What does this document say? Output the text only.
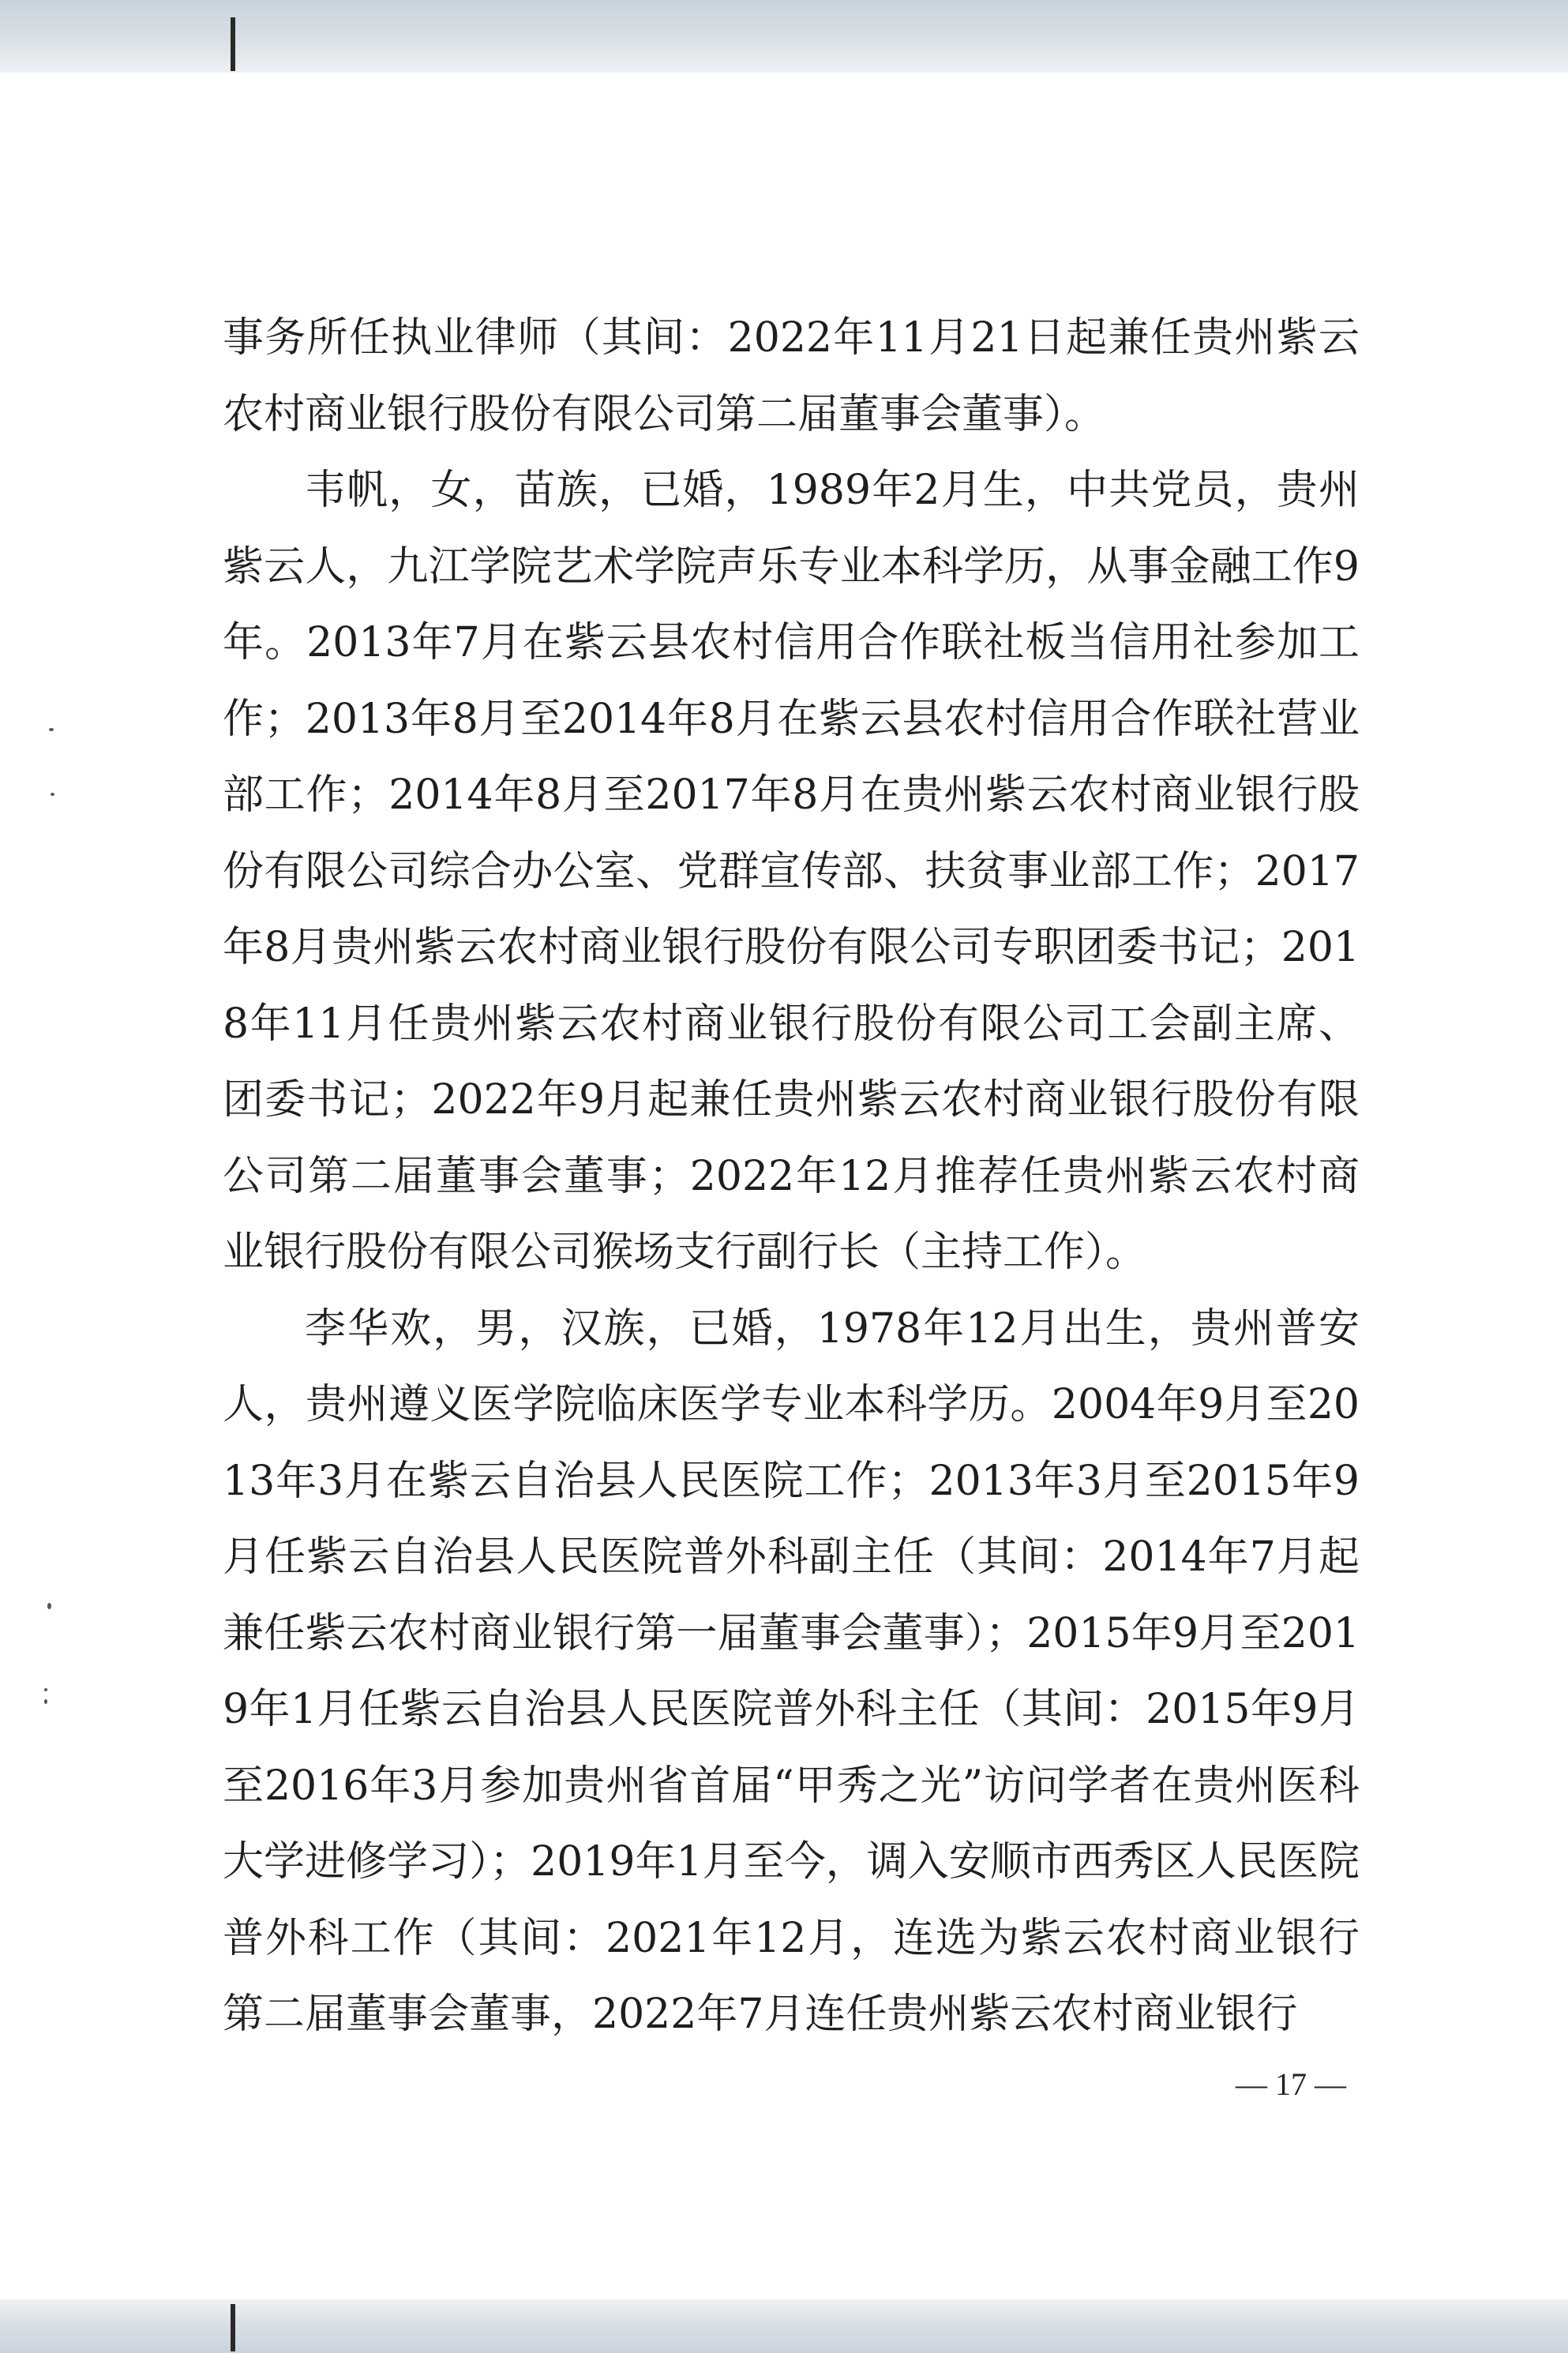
事务所任执业律师（其间：2022年11月21日起兼任贵州紫云农村商业银行股份有限公司第二届董事会董事）。

韦帆，女，苗族，已婚，1989年2月生，中共党员，贵州紫云人，九江学院艺术学院声乐专业本科学历，从事金融工作9年。2013年7月在紫云县农村信用合作联社板当信用社参加工作；2013年8月至2014年8月在紫云县农村信用合作联社营业部工作；2014年8月至2017年8月在贵州紫云农村商业银行股份有限公司综合办公室、党群宣传部、扶贫事业部工作；2017年8月贵州紫云农村商业银行股份有限公司专职团委书记；2018年11月任贵州紫云农村商业银行股份有限公司工会副主席、团委书记；2022年9月起兼任贵州紫云农村商业银行股份有限公司第二届董事会董事；2022年12月推荐任贵州紫云农村商业银行股份有限公司猴场支行副行长（主持工作）。

李华欢，男，汉族，已婚，1978年12月出生，贵州普安人，贵州遵义医学院临床医学专业本科学历。2004年9月至2013年3月在紫云自治县人民医院工作；2013年3月至2015年9月任紫云自治县人民医院普外科副主任（其间：2014年7月起兼任紫云农村商业银行第一届董事会董事）；2015年9月至2019年1月任紫云自治县人民医院普外科主任（其间：2015年9月至2016年3月参加贵州省首届“甲秀之光”访问学者在贵州医科大学进修学习）；2019年1月至今，调入安顺市西秀区人民医院普外科工作（其间：2021年12月，连选为紫云农村商业银行第二届董事会董事，2022年7月连任贵州紫云农村商业银行

— 17 —
